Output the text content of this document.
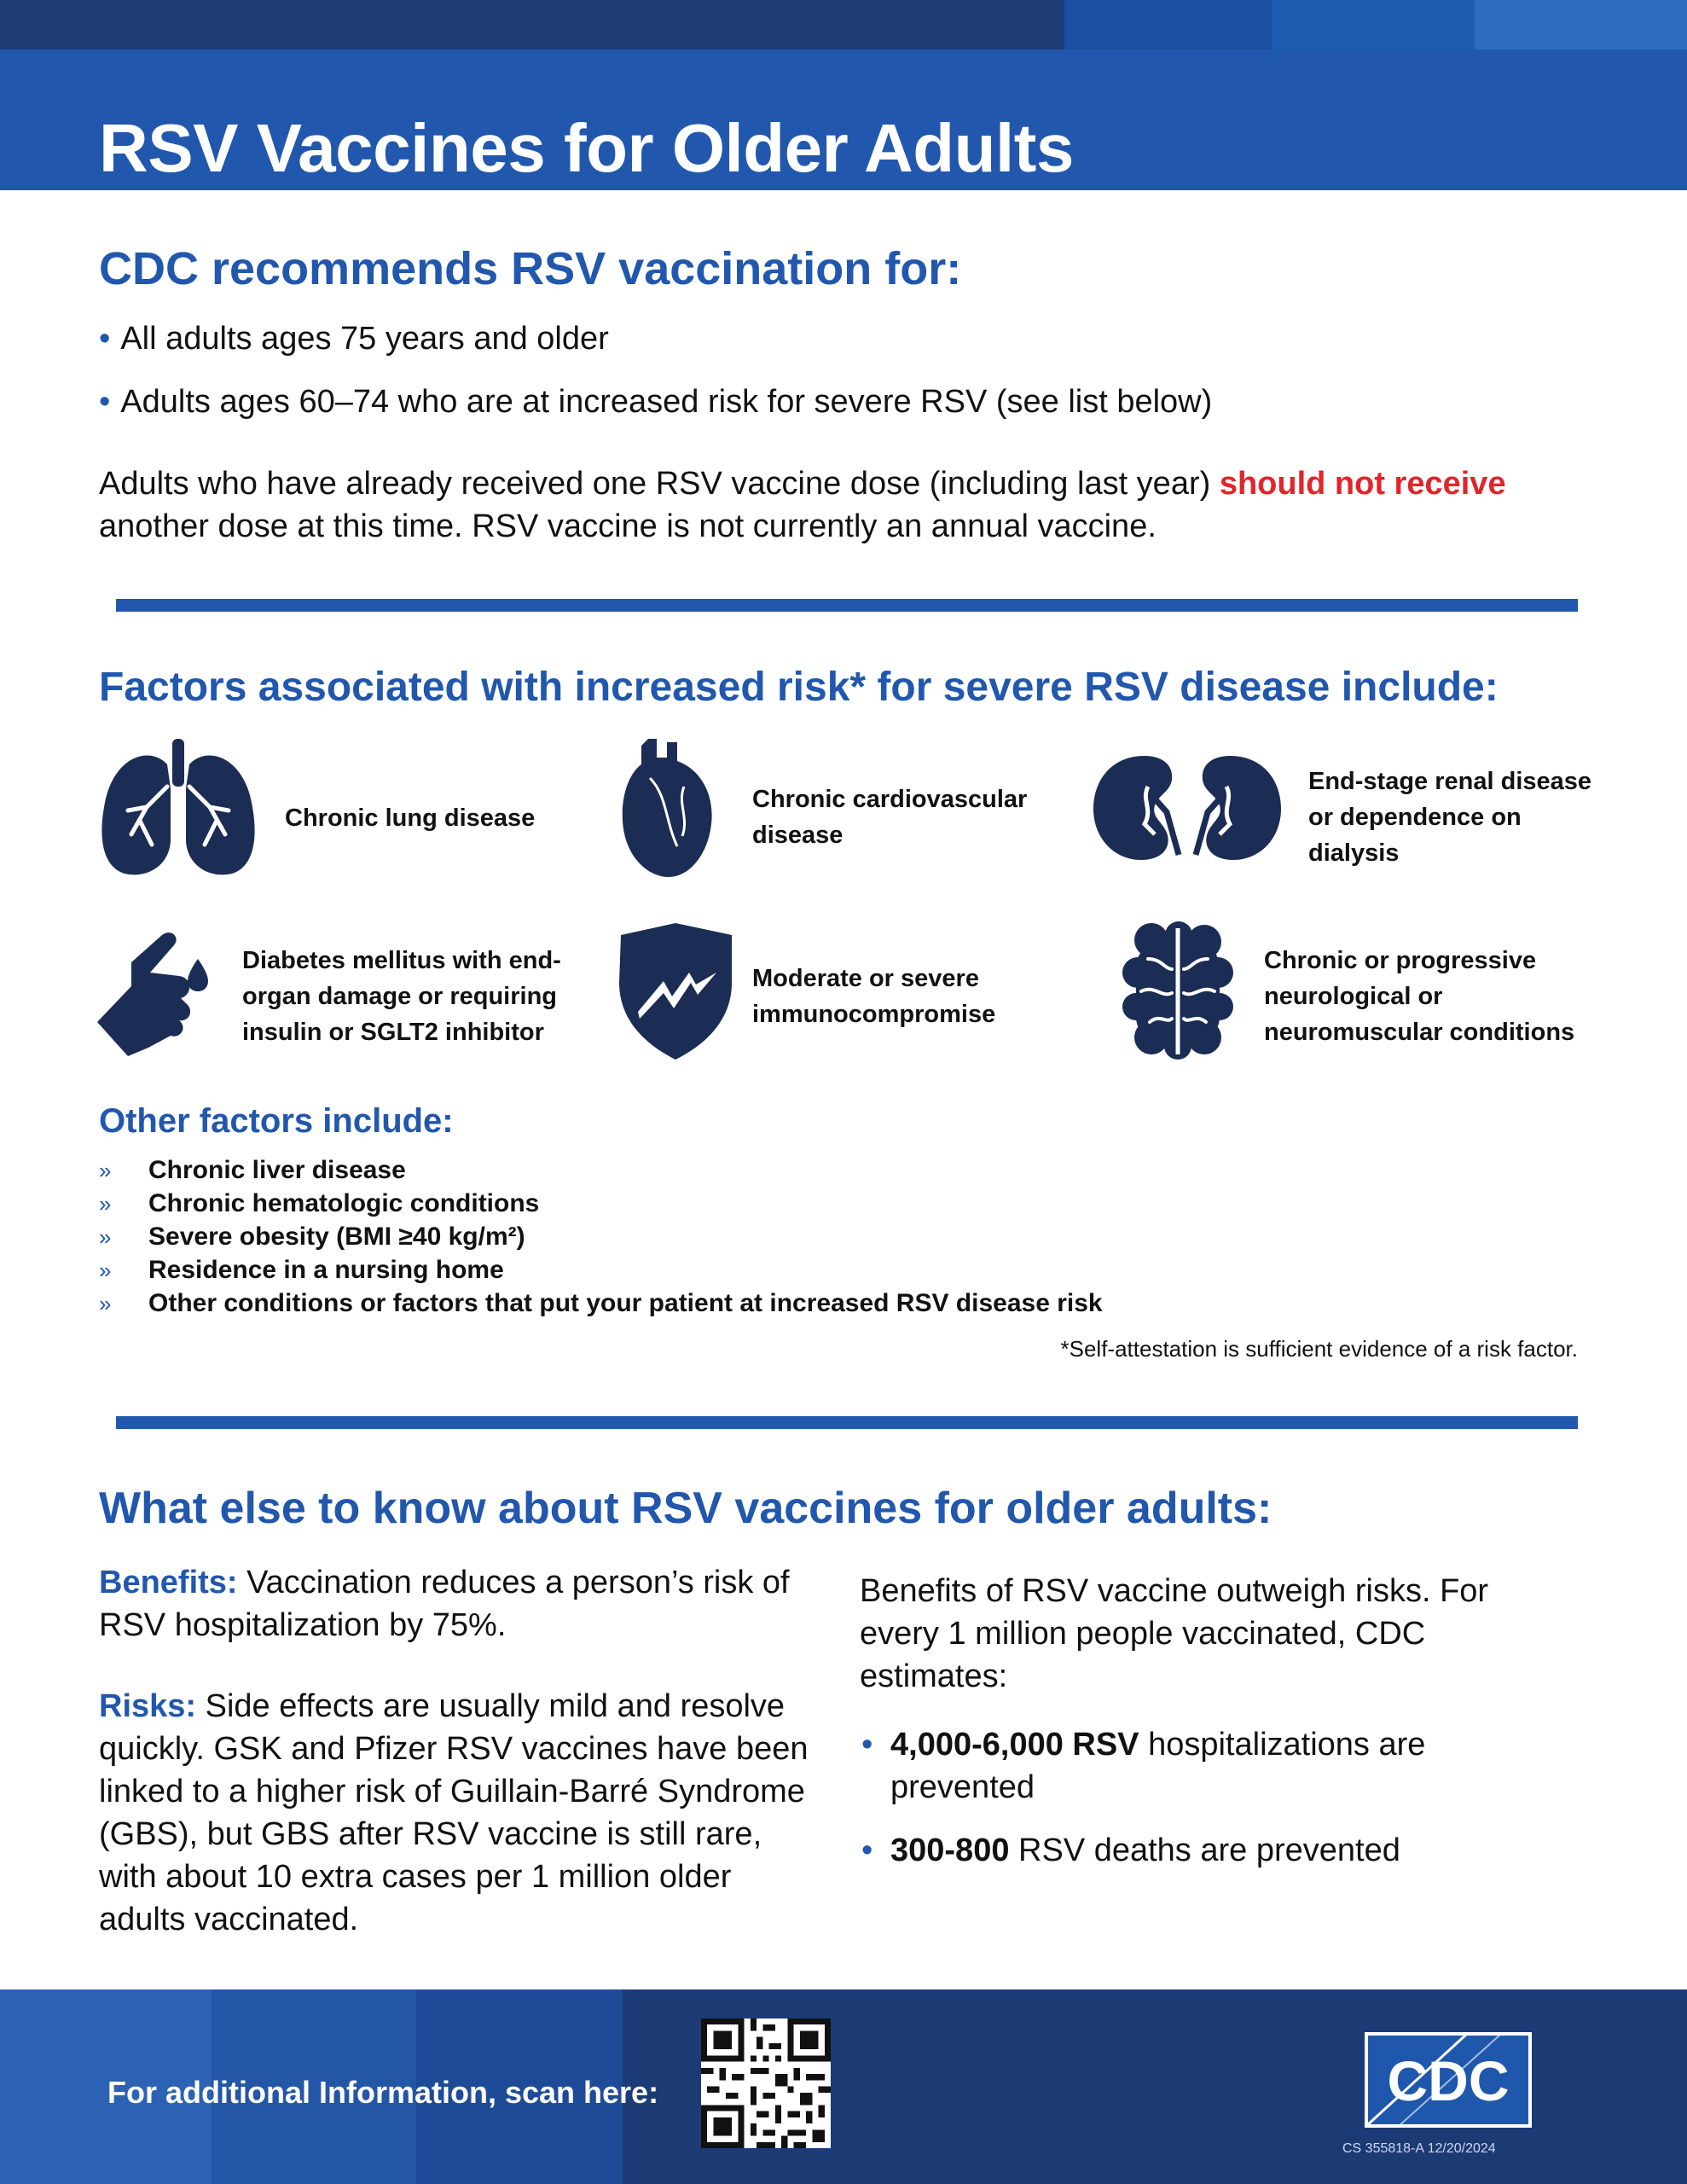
RSV Vaccines for Older Adults
CDC recommends RSV vaccination for:
• All adults ages 75 years and older
• Adults ages 60–74 who are at increased risk for severe RSV (see list below)
Adults who have already received one RSV vaccine dose (including last year) should not receive another dose at this time. RSV vaccine is not currently an annual vaccine.
Factors associated with increased risk* for severe RSV disease include:
Chronic lung disease
Chronic cardiovascular disease
End-stage renal disease or dependence on dialysis
Diabetes mellitus with end-organ damage or requiring insulin or SGLT2 inhibitor
Moderate or severe immunocompromise
Chronic or progressive neurological or neuromuscular conditions
Other factors include:
» Chronic liver disease
» Chronic hematologic conditions
» Severe obesity (BMI ≥40 kg/m²)
» Residence in a nursing home
» Other conditions or factors that put your patient at increased RSV disease risk
*Self-attestation is sufficient evidence of a risk factor.
What else to know about RSV vaccines for older adults:
Benefits: Vaccination reduces a person’s risk of RSV hospitalization by 75%.
Risks: Side effects are usually mild and resolve quickly. GSK and Pfizer RSV vaccines have been linked to a higher risk of Guillain-Barré Syndrome (GBS), but GBS after RSV vaccine is still rare, with about 10 extra cases per 1 million older adults vaccinated.
Benefits of RSV vaccine outweigh risks. For every 1 million people vaccinated, CDC estimates:
• 4,000-6,000 RSV hospitalizations are prevented
• 300-800 RSV deaths are prevented
For additional Information, scan here:	CDC
CS 355818-A 12/20/2024
